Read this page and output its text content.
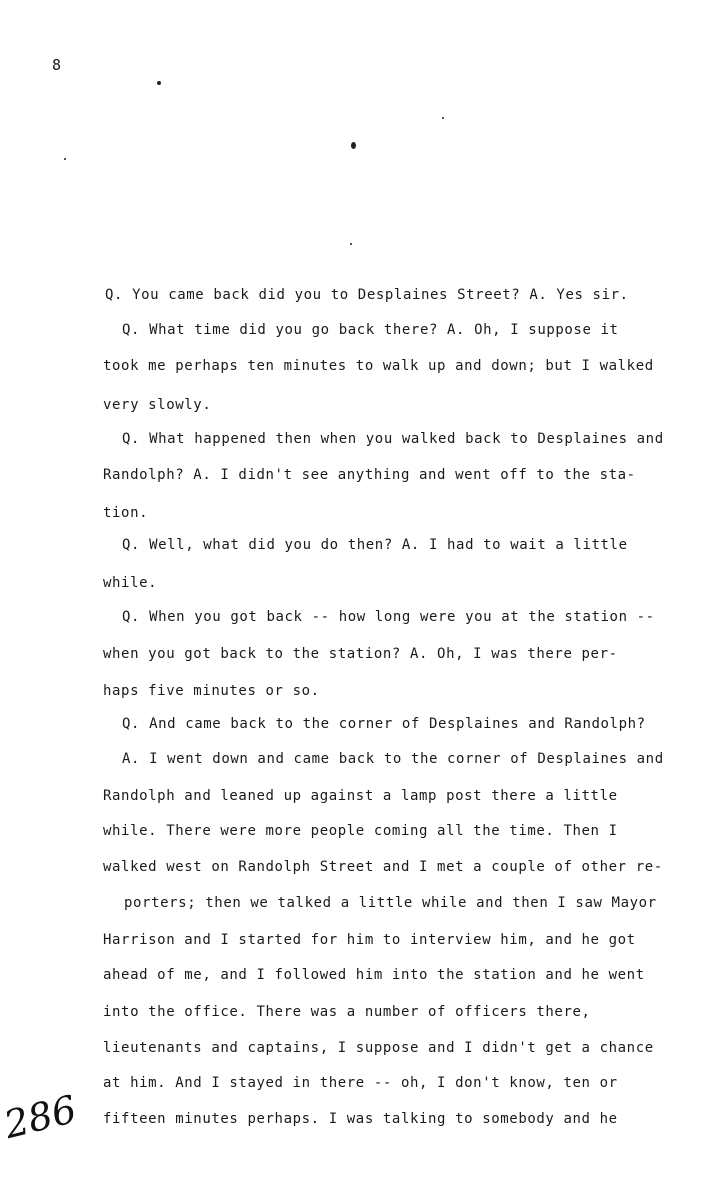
8
Q. You came back did you to Desplaines Street? A. Yes sir.
Q. What time did you go back there? A. Oh, I suppose it
took me perhaps ten minutes to walk up and down; but I walked
very slowly.
Q. What happened then when you walked back to Desplaines and
Randolph? A. I didn't see anything and went off to the sta-
tion.
Q. Well, what did you do then? A. I had to wait a little
while.
Q. When you got back -- how long were you at the station --
when you got back to the station? A. Oh, I was there per-
haps five minutes or so.
Q. And came back to the corner of Desplaines and Randolph?
A. I went down and came back to the corner of Desplaines and
Randolph and leaned up against a lamp post there a little
while. There were more people coming all the time. Then I
walked west on Randolph Street and I met a couple of other re-
porters; then we talked a little while and then I saw Mayor
Harrison and I started for him to interview him, and he got
ahead of me, and I followed him into the station and he went
into the office. There was a number of officers there,
lieutenants and captains, I suppose and I didn't get a chance
at him. And I stayed in there -- oh, I don't know, ten or
fifteen minutes perhaps. I was talking to somebody and he
286
